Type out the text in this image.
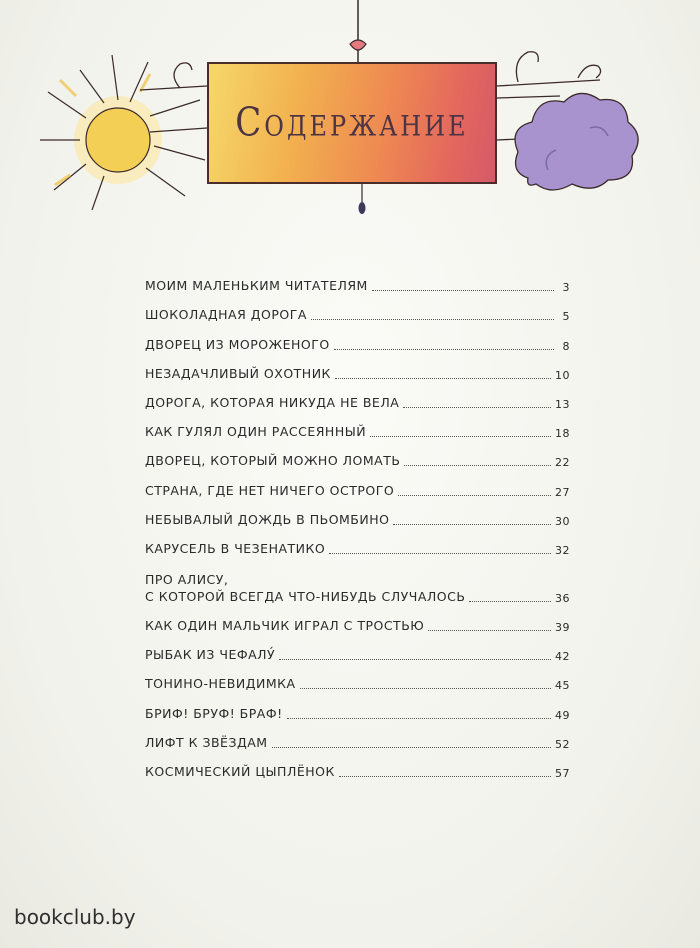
Содержание
МОИМ МАЛЕНЬКИМ ЧИТАТЕЛЯМ	3
ШОКОЛАДНАЯ ДОРОГА	5
ДВОРЕЦ ИЗ МОРОЖЕНОГО	8
НЕЗАДАЧЛИВЫЙ ОХОТНИК	10
ДОРОГА, КОТОРАЯ НИКУДА НЕ ВЕЛА	13
КАК ГУЛЯЛ ОДИН РАССЕЯННЫЙ	18
ДВОРЕЦ, КОТОРЫЙ МОЖНО ЛОМАТЬ	22
СТРАНА, ГДЕ НЕТ НИЧЕГО ОСТРОГО	27
НЕБЫВАЛЫЙ ДОЖДЬ В ПЬОМБИНО	30
КАРУСЕЛЬ В ЧЕЗЕНАТИКО	32
ПРО АЛИСУ,
С КОТОРОЙ ВСЕГДА ЧТО-НИБУДЬ СЛУЧАЛОСЬ	36
КАК ОДИН МАЛЬЧИК ИГРАЛ С ТРОСТЬЮ	39
РЫБАК ИЗ ЧЕФАЛУ́	42
ТОНИНО-НЕВИДИМКА	45
БРИФ! БРУФ! БРАФ!	49
ЛИФТ К ЗВЁЗДАМ	52
КОСМИЧЕСКИЙ ЦЫПЛЁНОК	57
bookclub.by
